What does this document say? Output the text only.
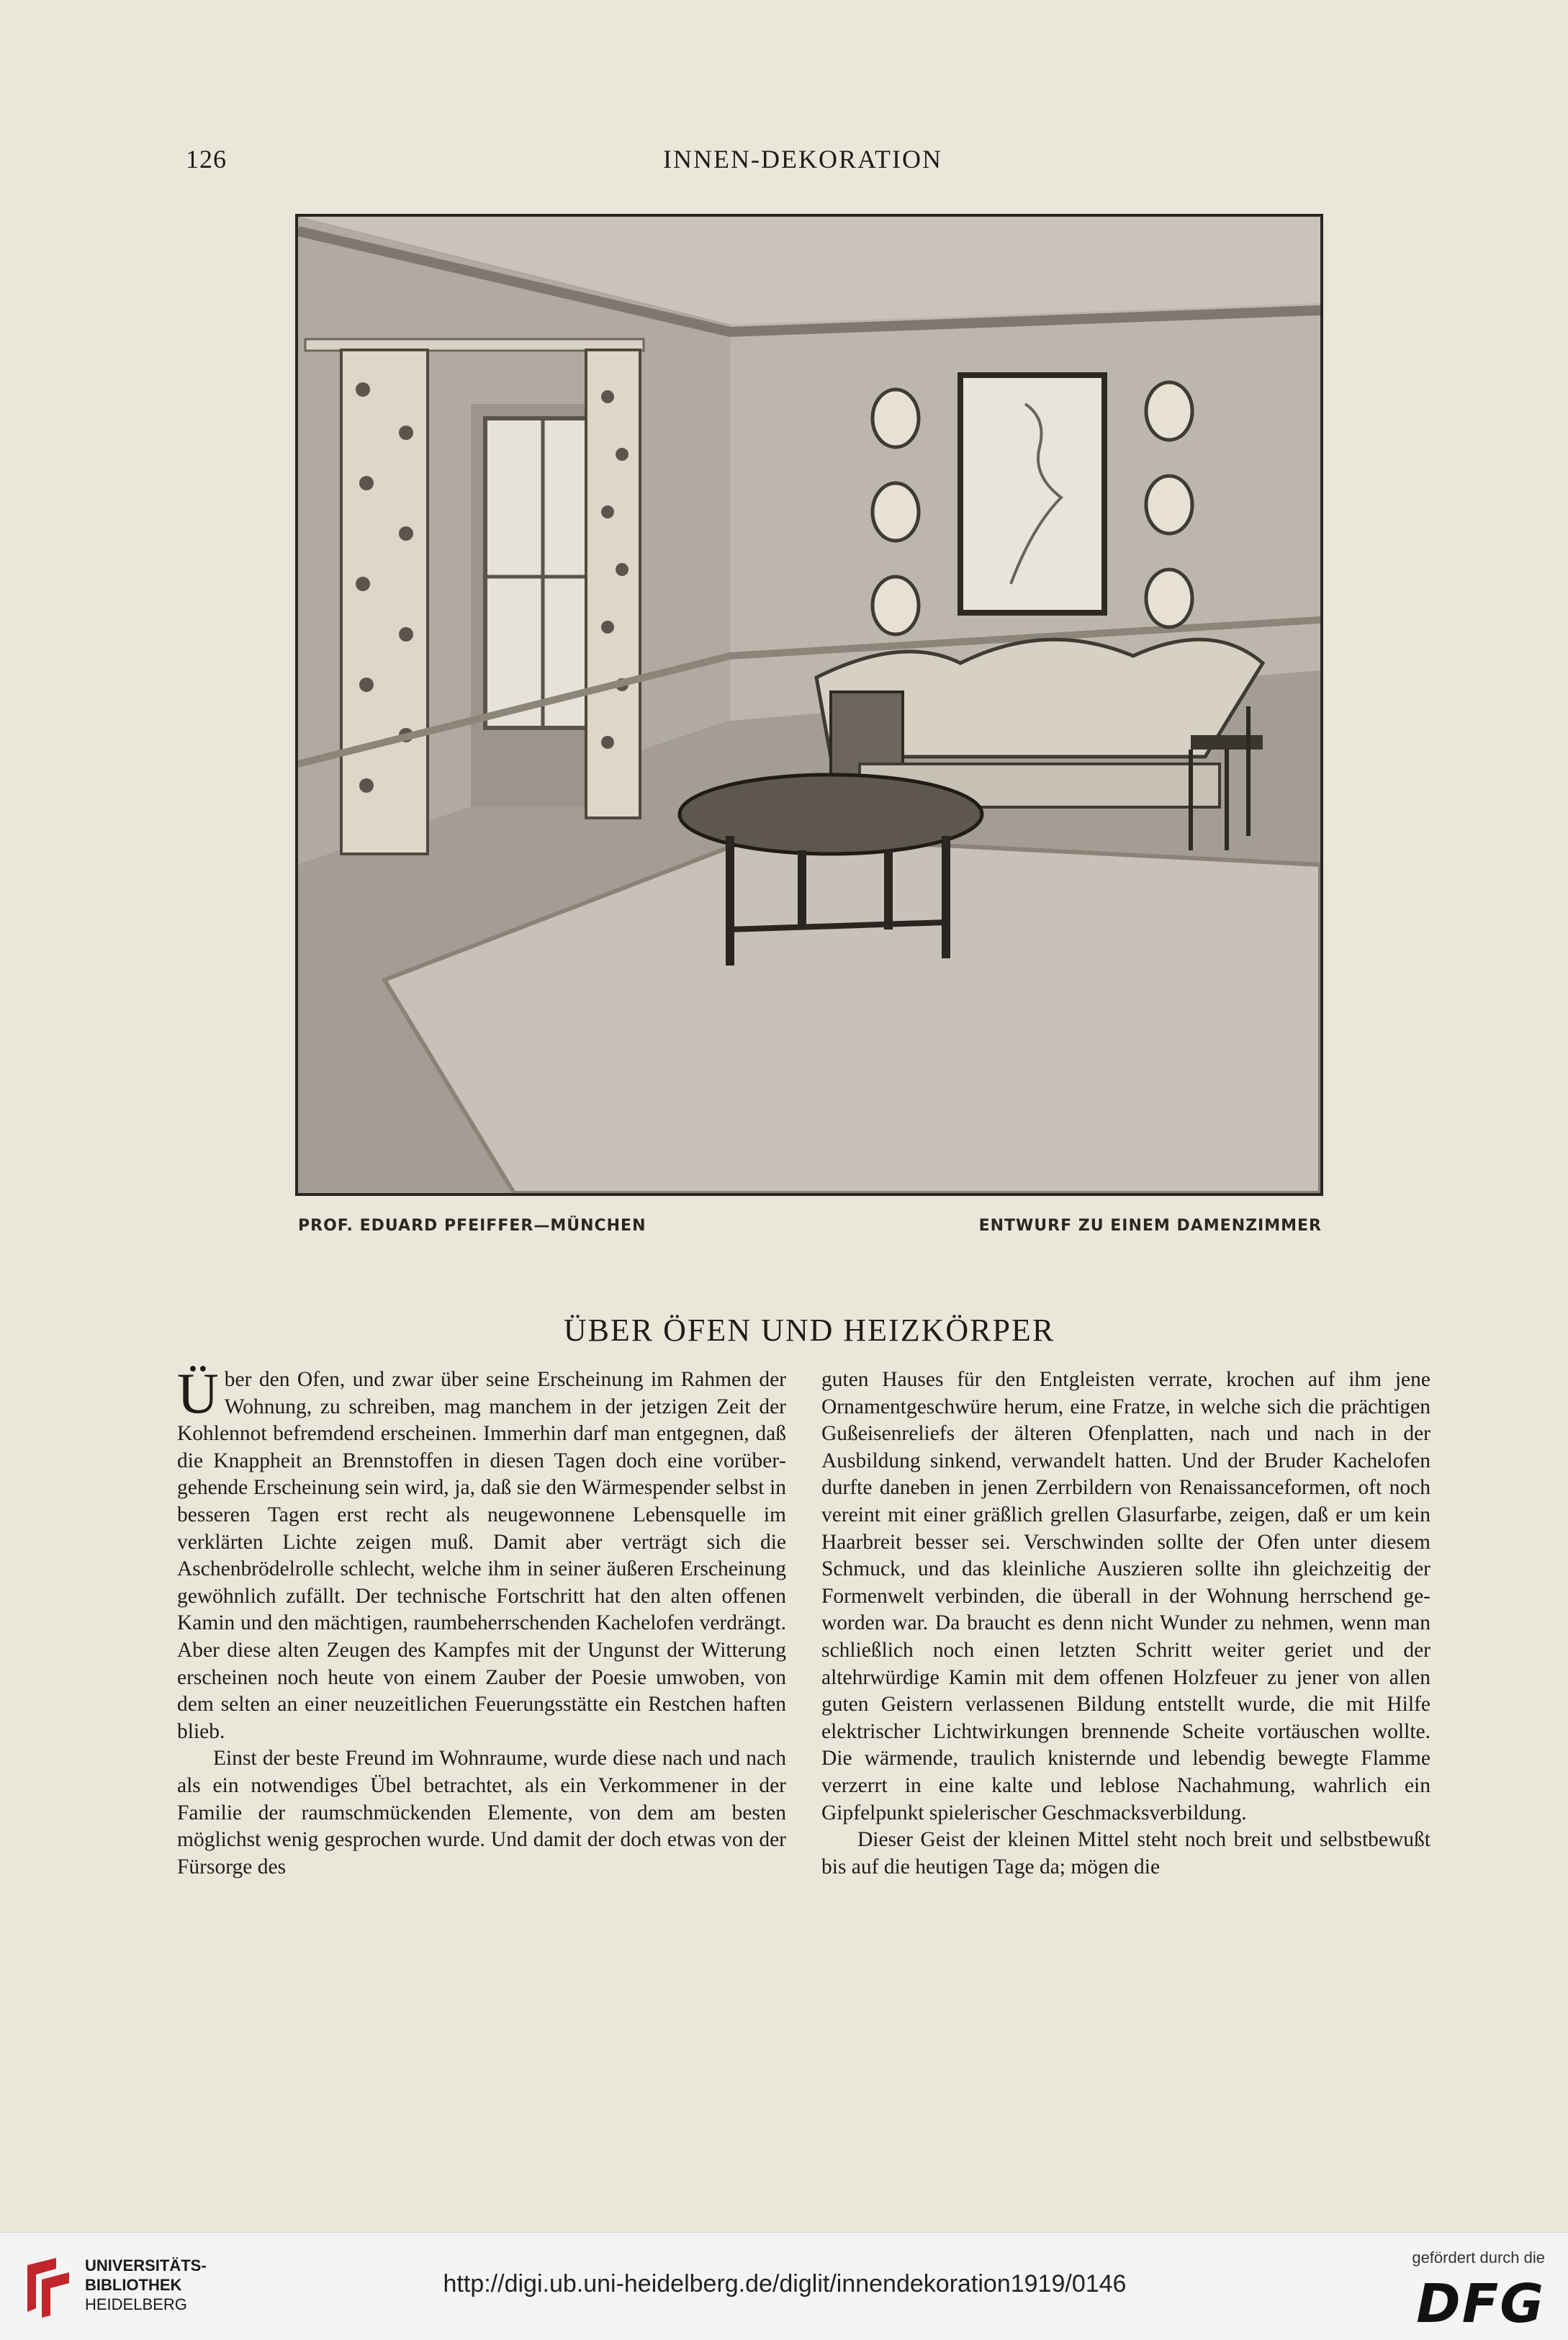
126	INNEN-DEKORATION
PROF. EDUARD PFEIFFER—MÜNCHEN	ENTWURF ZU EINEM DAMENZIMMER
ÜBER ÖFEN UND HEIZKÖRPER

Über den Ofen, und zwar über seine Erscheinung im Rahmen der Wohnung, zu schreiben, mag manchem in der jetzigen Zeit der Kohlennot befremdend erscheinen. Immerhin darf man entgegnen, daß die Knappheit an Brennstoffen in diesen Tagen doch eine vorübergehende Erscheinung sein wird, ja, daß sie den Wärmespender selbst in besseren Tagen erst recht als neugewonnene Lebensquelle im verklärten Lichte zeigen muß. Damit aber verträgt sich die Aschenbrödelrolle schlecht, welche ihm in seiner äußeren Erscheinung gewöhnlich zufällt. Der technische Fortschritt hat den alten offenen Kamin und den mächtigen, raumbeherrschenden Kachelofen verdrängt. Aber diese alten Zeugen des Kampfes mit der Ungunst der Witterung erscheinen noch heute von einem Zauber der Poesie umwoben, von dem selten an einer neuzeitlichen Feuerungsstätte ein Restchen haften blieb.

Einst der beste Freund im Wohnraume, wurde diese nach und nach als ein notwendiges Übel betrachtet, als ein Verkommener in der Familie der raumschmückenden Elemente, von dem am besten möglichst wenig gesprochen wurde. Und damit der doch etwas von der Fürsorge des

guten Hauses für den Entgleisten verrate, krochen auf ihm jene Ornamentgeschwüre herum, eine Fratze, in welche sich die prächtigen Gußeisenreliefs der älteren Ofenplatten, nach und nach in der Ausbildung sinkend, verwandelt hatten. Und der Bruder Kachelofen durfte daneben in jenen Zerrbildern von Renaissanceformen, oft noch vereint mit einer gräßlich grellen Glasurfarbe, zeigen, daß er um kein Haarbreit besser sei. Verschwinden sollte der Ofen unter diesem Schmuck, und das kleinliche Auszieren sollte ihn gleichzeitig der Formenwelt verbinden, die überall in der Wohnung herrschend geworden war. Da braucht es denn nicht Wunder zu nehmen, wenn man schließlich noch einen letzten Schritt weiter geriet und der altehrwürdige Kamin mit dem offenen Holzfeuer zu jener von allen guten Geistern verlassenen Bildung entstellt wurde, die mit Hilfe elektrischer Lichtwirkungen brennende Scheite vortäuschen wollte. Die wärmende, traulich knisternde und lebendig bewegte Flamme verzerrt in eine kalte und leblose Nachahmung, wahrlich ein Gipfelpunkt spielerischer Geschmacksverbildung.

Dieser Geist der kleinen Mittel steht noch breit und selbstbewußt bis auf die heutigen Tage da; mögen die

UNIVERSITÄTS-
BIBLIOTHEK
HEIDELBERG
http://digi.ub.uni-heidelberg.de/diglit/innendekoration1919/0146
gefördert durch die
DFG
